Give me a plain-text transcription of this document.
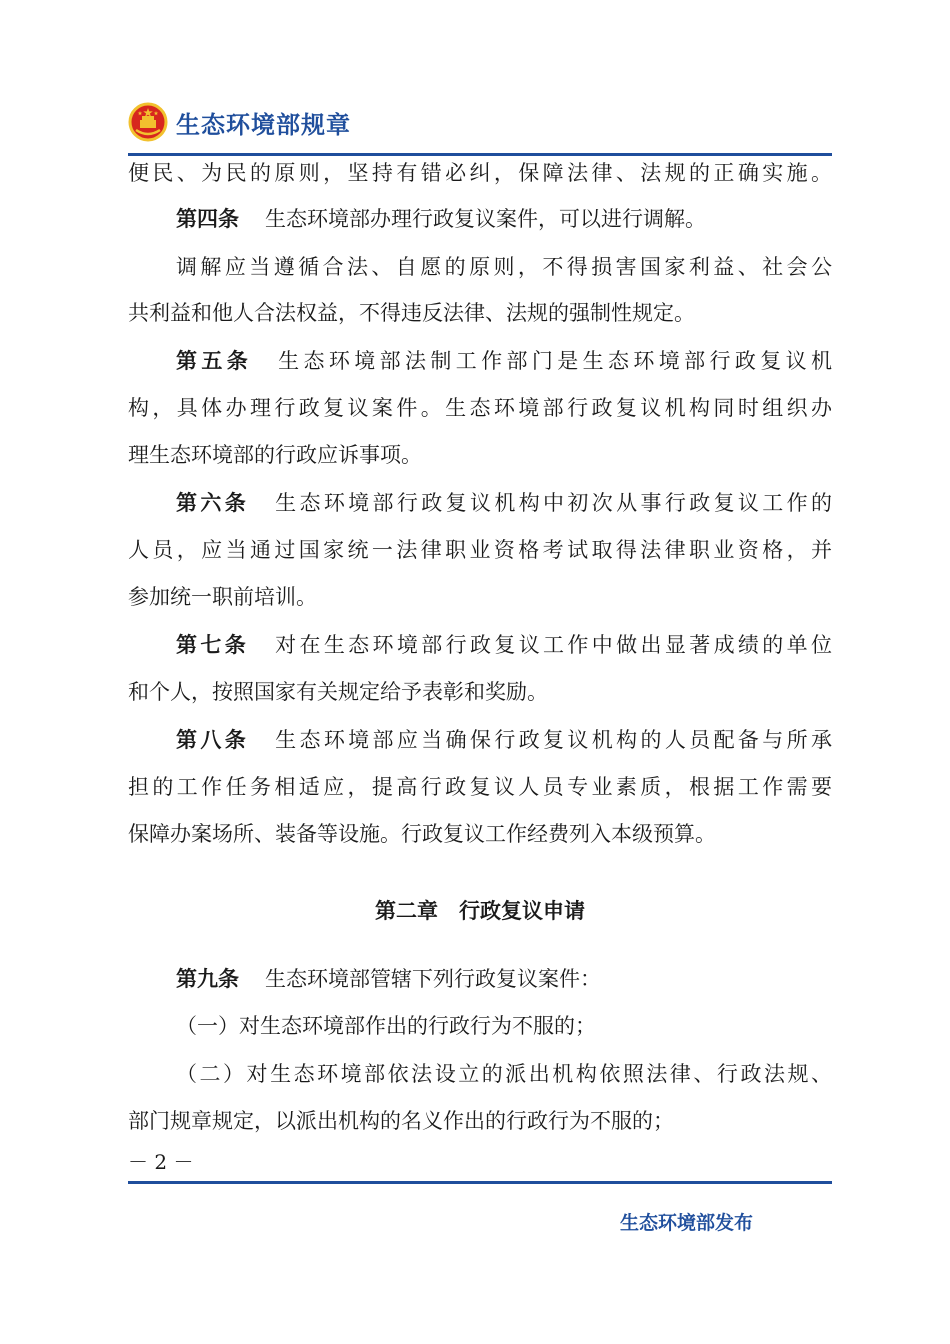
生态环境部规章
便民、为民的原则，坚持有错必纠，保障法律、法规的正确实施。
第四条 生态环境部办理行政复议案件，可以进行调解。
调解应当遵循合法、自愿的原则，不得损害国家利益、社会公
共利益和他人合法权益，不得违反法律、法规的强制性规定。
第五条 生态环境部法制工作部门是生态环境部行政复议机
构，具体办理行政复议案件。生态环境部行政复议机构同时组织办
理生态环境部的行政应诉事项。
第六条 生态环境部行政复议机构中初次从事行政复议工作的
人员，应当通过国家统一法律职业资格考试取得法律职业资格，并
参加统一职前培训。
第七条 对在生态环境部行政复议工作中做出显著成绩的单位
和个人，按照国家有关规定给予表彰和奖励。
第八条 生态环境部应当确保行政复议机构的人员配备与所承
担的工作任务相适应，提高行政复议人员专业素质，根据工作需要
保障办案场所、装备等设施。行政复议工作经费列入本级预算。
第九条 生态环境部管辖下列行政复议案件：
（一）对生态环境部作出的行政行为不服的；
（二）对生态环境部依法设立的派出机构依照法律、行政法规、
部门规章规定，以派出机构的名义作出的行政行为不服的；
第二章　行政复议申请
－ 2 －
生态环境部发布
